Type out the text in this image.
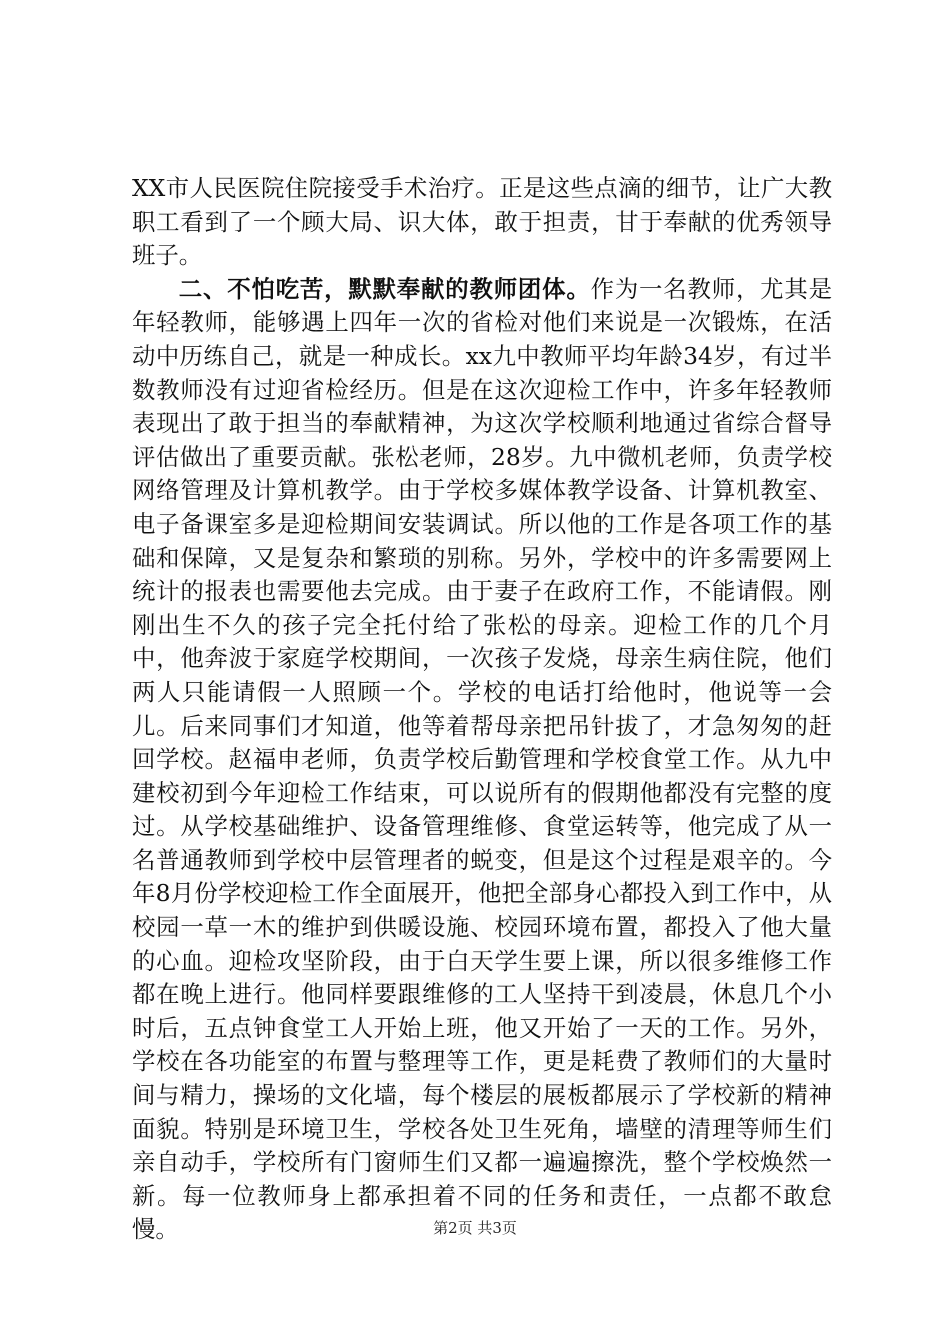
XX市人民医院住院接受手术治疗。正是这些点滴的细节，让广大教职工看到了一个顾大局、识大体，敢于担责，甘于奉献的优秀领导班子。

二、不怕吃苦，默默奉献的教师团体。作为一名教师，尤其是年轻教师，能够遇上四年一次的省检对他们来说是一次锻炼，在活动中历练自己，就是一种成长。xx九中教师平均年龄34岁，有过半数教师没有过迎省检经历。但是在这次迎检工作中，许多年轻教师表现出了敢于担当的奉献精神，为这次学校顺利地通过省综合督导评估做出了重要贡献。张松老师，28岁。九中微机老师，负责学校网络管理及计算机教学。由于学校多媒体教学设备、计算机教室、电子备课室多是迎检期间安装调试。所以他的工作是各项工作的基础和保障，又是复杂和繁琐的别称。另外，学校中的许多需要网上统计的报表也需要他去完成。由于妻子在政府工作，不能请假。刚刚出生不久的孩子完全托付给了张松的母亲。迎检工作的几个月中，他奔波于家庭学校期间，一次孩子发烧，母亲生病住院，他们两人只能请假一人照顾一个。学校的电话打给他时，他说等一会儿。后来同事们才知道，他等着帮母亲把吊针拔了，才急匆匆的赶回学校。赵福申老师，负责学校后勤管理和学校食堂工作。从九中建校初到今年迎检工作结束，可以说所有的假期他都没有完整的度过。从学校基础维护、设备管理维修、食堂运转等，他完成了从一名普通教师到学校中层管理者的蜕变，但是这个过程是艰辛的。今年8月份学校迎检工作全面展开，他把全部身心都投入到工作中，从校园一草一木的维护到供暖设施、校园环境布置，都投入了他大量的心血。迎检攻坚阶段，由于白天学生要上课，所以很多维修工作都在晚上进行。他同样要跟维修的工人坚持干到凌晨，休息几个小时后，五点钟食堂工人开始上班，他又开始了一天的工作。另外，学校在各功能室的布置与整理等工作，更是耗费了教师们的大量时间与精力，操场的文化墙，每个楼层的展板都展示了学校新的精神面貌。特别是环境卫生，学校各处卫生死角，墙壁的清理等师生们亲自动手，学校所有门窗师生们又都一遍遍擦洗，整个学校焕然一新。每一位教师身上都承担着不同的任务和责任，一点都不敢怠慢。	第2页 共3页
